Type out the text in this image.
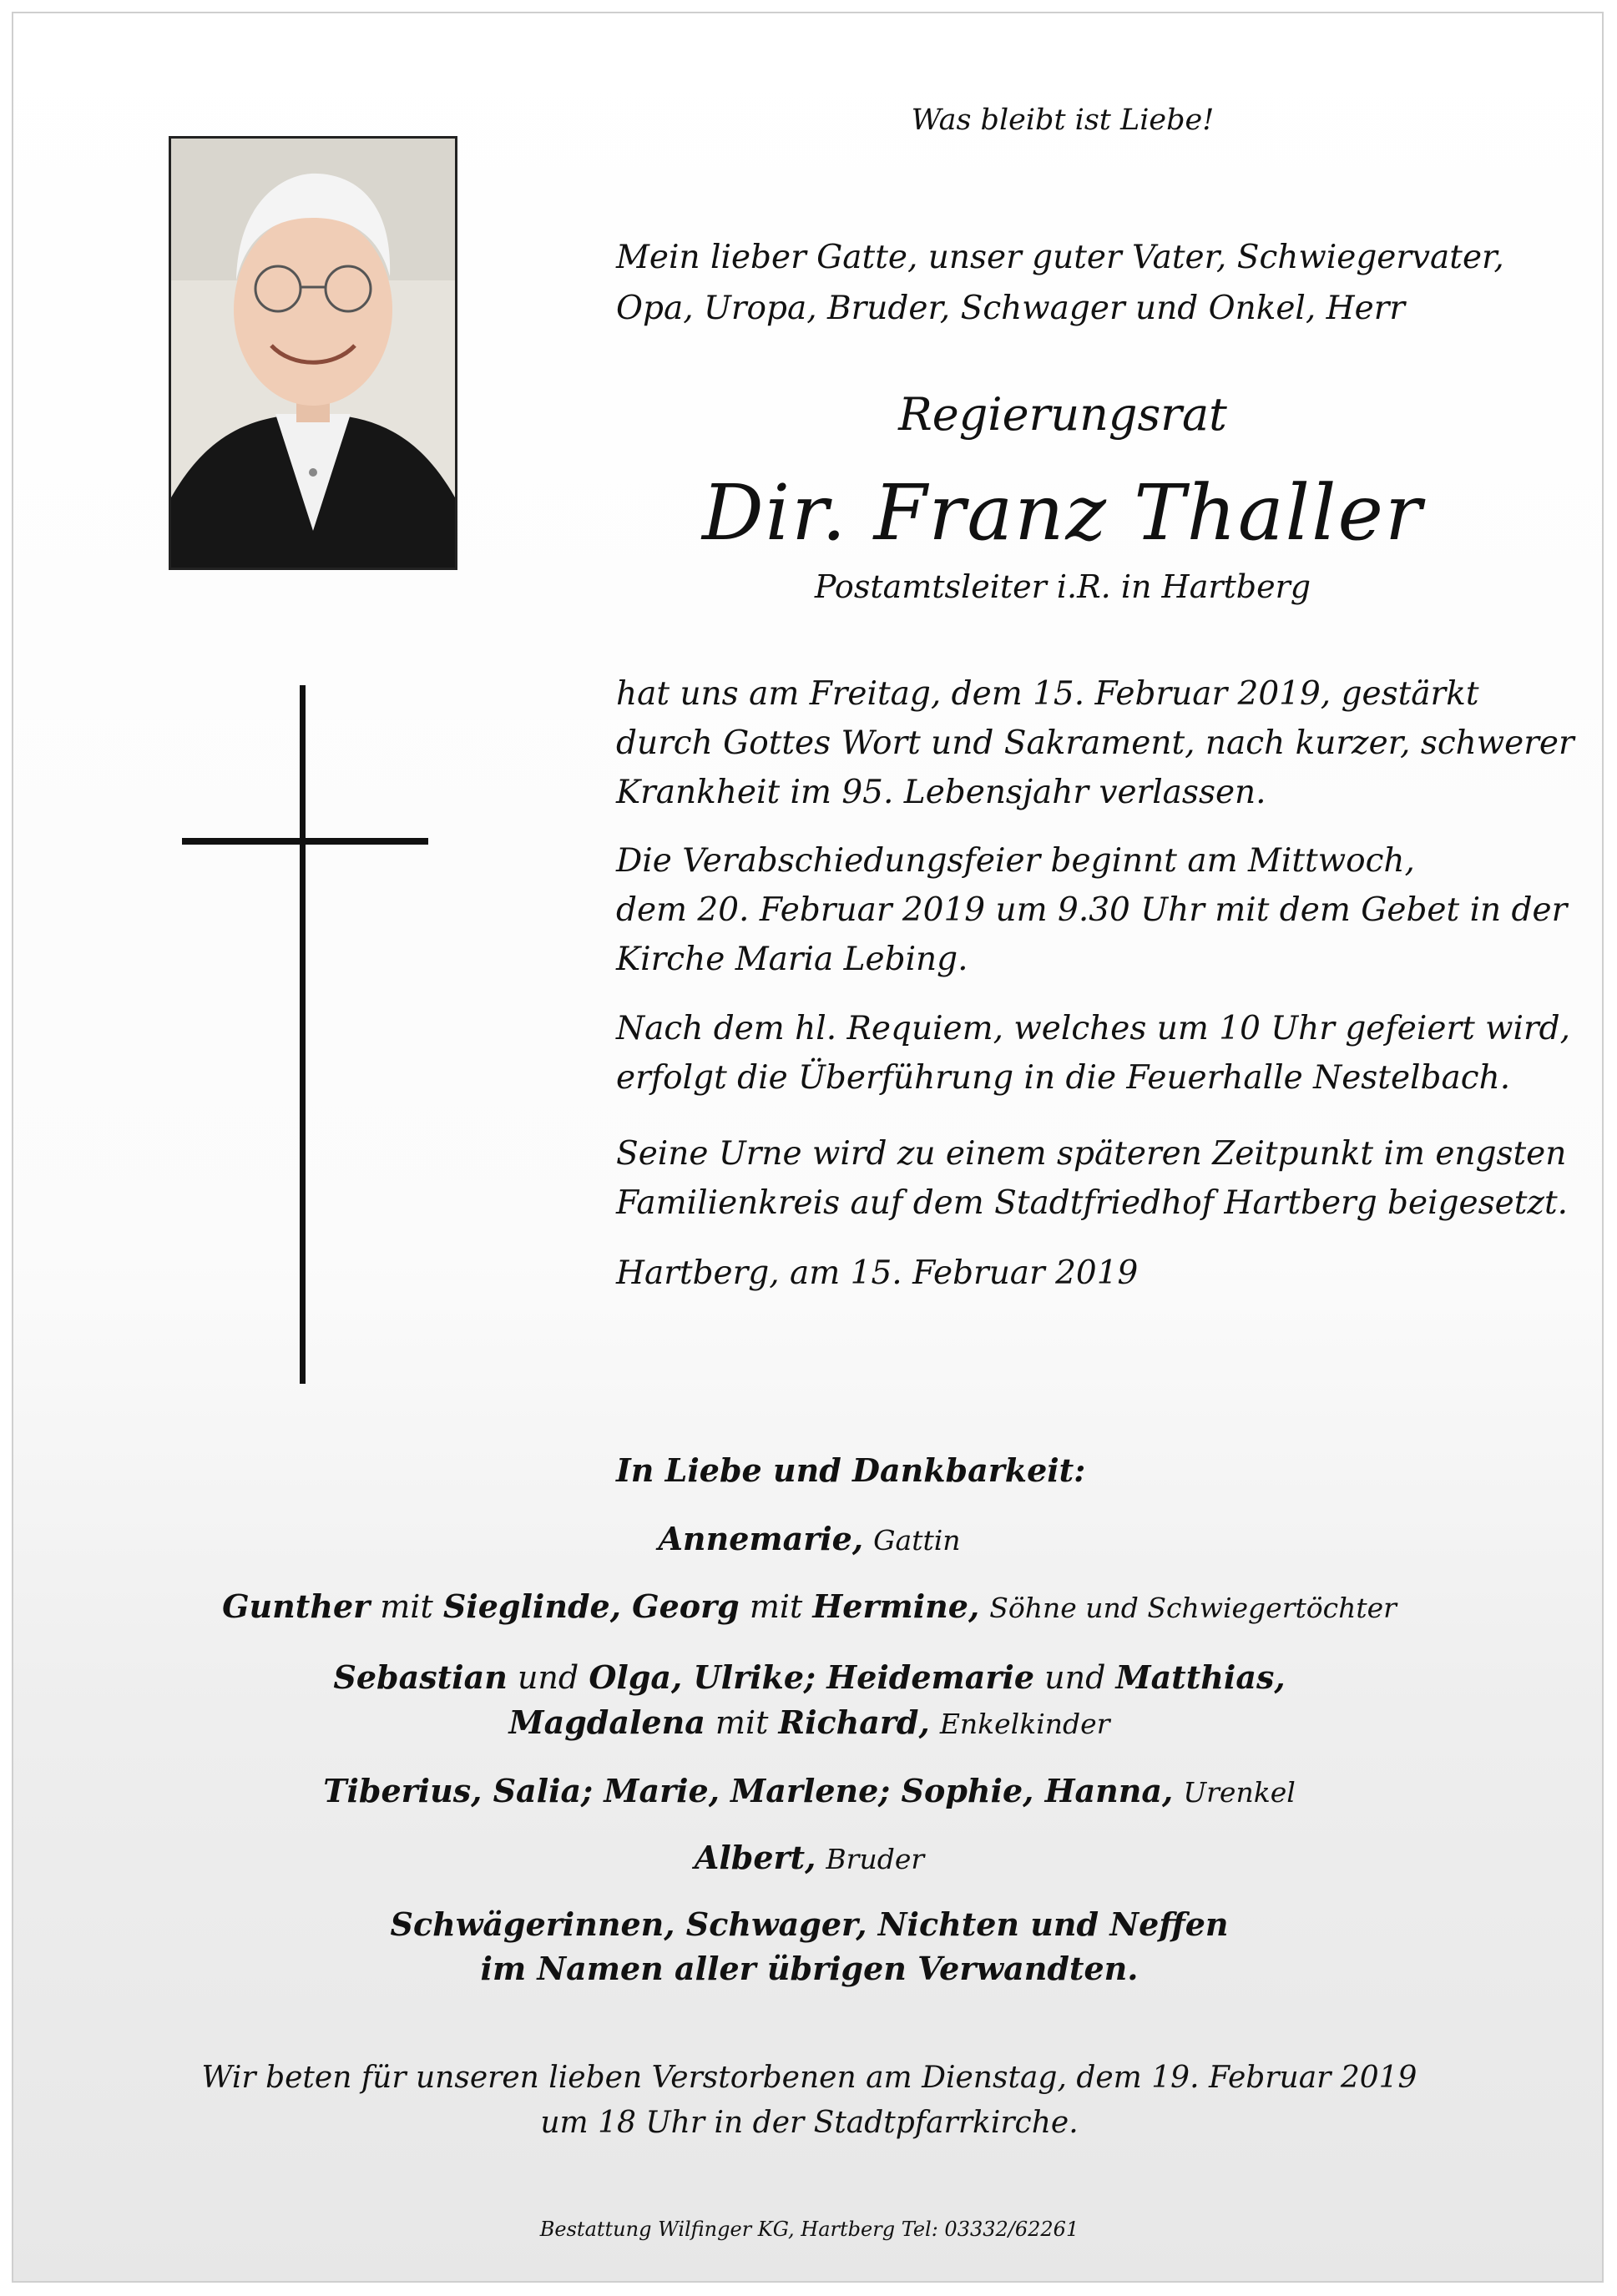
Was bleibt ist Liebe!
Mein lieber Gatte, unser guter Vater, Schwiegervater,
Opa, Uropa, Bruder, Schwager und Onkel, Herr
Regierungsrat
Dir. Franz Thaller
Postamtsleiter i.R. in Hartberg
hat uns am Freitag, dem 15. Februar 2019, gestärkt
durch Gottes Wort und Sakrament, nach kurzer, schwerer
Krankheit im 95. Lebensjahr verlassen.
Die Verabschiedungsfeier beginnt am Mittwoch,
dem 20. Februar 2019 um 9.30 Uhr mit dem Gebet in der
Kirche Maria Lebing.
Nach dem hl. Requiem, welches um 10 Uhr gefeiert wird,
erfolgt die Überführung in die Feuerhalle Nestelbach.
Seine Urne wird zu einem späteren Zeitpunkt im engsten
Familienkreis auf dem Stadtfriedhof Hartberg beigesetzt.
Hartberg, am 15. Februar 2019
In Liebe und Dankbarkeit:
Annemarie, Gattin
Gunther mit Sieglinde, Georg mit Hermine, Söhne und Schwiegertöchter
Sebastian und Olga, Ulrike; Heidemarie und Matthias,
Magdalena mit Richard, Enkelkinder
Tiberius, Salia; Marie, Marlene; Sophie, Hanna, Urenkel
Albert, Bruder
Schwägerinnen, Schwager, Nichten und Neffen
im Namen aller übrigen Verwandten.
Wir beten für unseren lieben Verstorbenen am Dienstag, dem 19. Februar 2019
um 18 Uhr in der Stadtpfarrkirche.
Bestattung Wilfinger KG, Hartberg Tel: 03332/62261
